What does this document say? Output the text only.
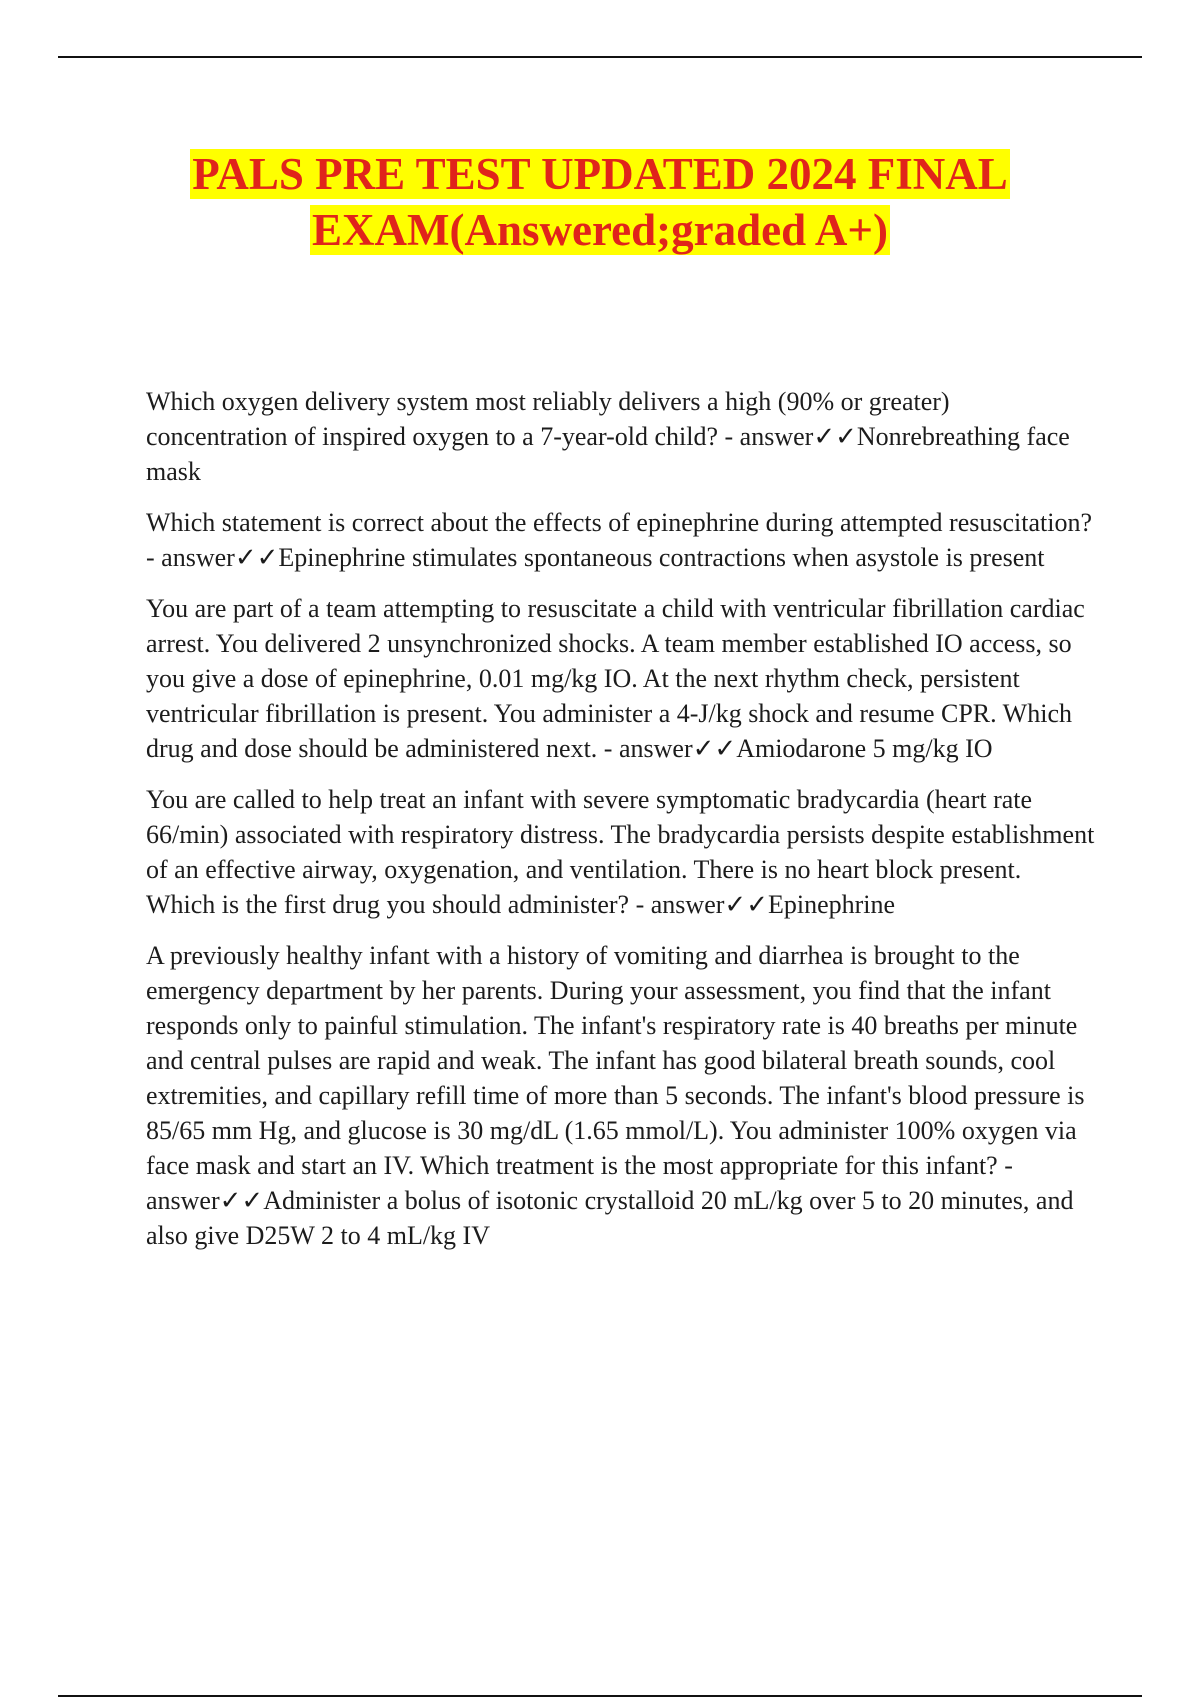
PALS PRE TEST UPDATED 2024 FINAL
EXAM(Answered;graded A+)

Which oxygen delivery system most reliably delivers a high (90% or greater) concentration of inspired oxygen to a 7-year-old child? - answer✓✓Nonrebreathing face mask

Which statement is correct about the effects of epinephrine during attempted resuscitation? - answer✓✓Epinephrine stimulates spontaneous contractions when asystole is present

You are part of a team attempting to resuscitate a child with ventricular fibrillation cardiac arrest. You delivered 2 unsynchronized shocks. A team member established IO access, so you give a dose of epinephrine, 0.01 mg/kg IO. At the next rhythm check, persistent ventricular fibrillation is present. You administer a 4-J/kg shock and resume CPR. Which drug and dose should be administered next. - answer✓✓Amiodarone 5 mg/kg IO

You are called to help treat an infant with severe symptomatic bradycardia (heart rate 66/min) associated with respiratory distress. The bradycardia persists despite establishment of an effective airway, oxygenation, and ventilation. There is no heart block present. Which is the first drug you should administer? - answer✓✓Epinephrine

A previously healthy infant with a history of vomiting and diarrhea is brought to the emergency department by her parents. During your assessment, you find that the infant responds only to painful stimulation. The infant's respiratory rate is 40 breaths per minute and central pulses are rapid and weak. The infant has good bilateral breath sounds, cool extremities, and capillary refill time of more than 5 seconds. The infant's blood pressure is 85/65 mm Hg, and glucose is 30 mg/dL (1.65 mmol/L). You administer 100% oxygen via face mask and start an IV. Which treatment is the most appropriate for this infant? - answer✓✓Administer a bolus of isotonic crystalloid 20 mL/kg over 5 to 20 minutes, and also give D25W 2 to 4 mL/kg IV
